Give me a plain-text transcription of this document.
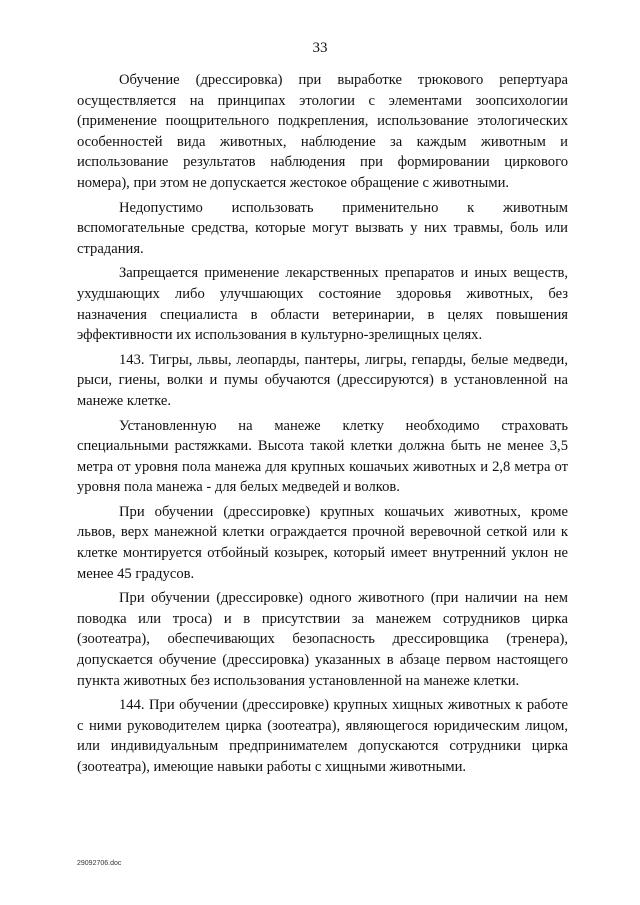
33

Обучение (дрессировка) при выработке трюкового репертуара осуществляется на принципах этологии с элементами зоопсихологии (применение поощрительного подкрепления, использование этологических особенностей вида животных, наблюдение за каждым животным и использование результатов наблюдения при формировании циркового номера), при этом не допускается жестокое обращение с животными.

Недопустимо использовать применительно к животным вспомогательные средства, которые могут вызвать у них травмы, боль или страдания.

Запрещается применение лекарственных препаратов и иных веществ, ухудшающих либо улучшающих состояние здоровья животных, без назначения специалиста в области ветеринарии, в целях повышения эффективности их использования в культурно-зрелищных целях.

143. Тигры, львы, леопарды, пантеры, лигры, гепарды, белые медведи, рыси, гиены, волки и пумы обучаются (дрессируются) в установленной на манеже клетке.

Установленную на манеже клетку необходимо страховать специальными растяжками. Высота такой клетки должна быть не менее 3,5 метра от уровня пола манежа для крупных кошачьих животных и 2,8 метра от уровня пола манежа - для белых медведей и волков.

При обучении (дрессировке) крупных кошачьих животных, кроме львов, верх манежной клетки ограждается прочной веревочной сеткой или к клетке монтируется отбойный козырек, который имеет внутренний уклон не менее 45 градусов.

При обучении (дрессировке) одного животного (при наличии на нем поводка или троса) и в присутствии за манежем сотрудников цирка (зоотеатра), обеспечивающих безопасность дрессировщика (тренера), допускается обучение (дрессировка) указанных в абзаце первом настоящего пункта животных без использования установленной на манеже клетки.

144. При обучении (дрессировке) крупных хищных животных к работе с ними руководителем цирка (зоотеатра), являющегося юридическим лицом, или индивидуальным предпринимателем допускаются сотрудники цирка (зоотеатра), имеющие навыки работы с хищными животными.

29092706.doc
